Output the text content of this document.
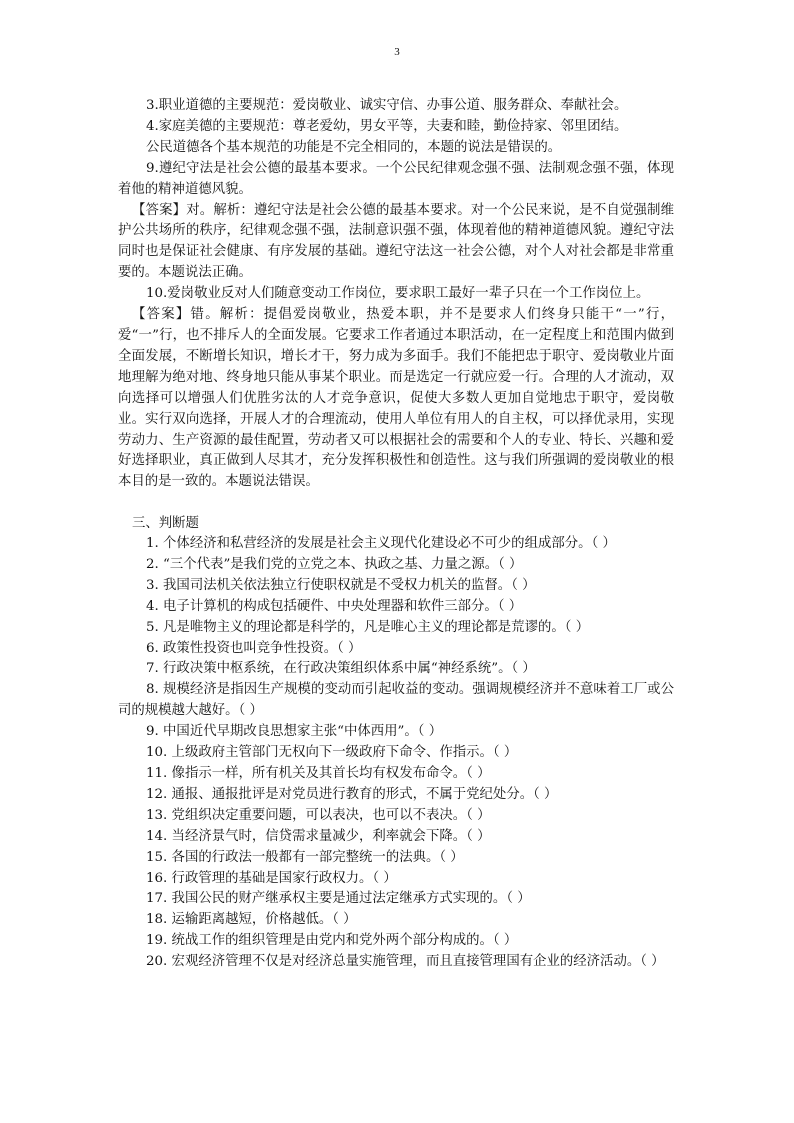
3

3.职业道德的主要规范：爱岗敬业、诚实守信、办事公道、服务群众、奉献社会。

4.家庭美德的主要规范：尊老爱幼，男女平等，夫妻和睦，勤俭持家、邻里团结。

公民道德各个基本规范的功能是不完全相同的，本题的说法是错误的。

9.遵纪守法是社会公德的最基本要求。一个公民纪律观念强不强、法制观念强不强，体现着他的精神道德风貌。

【答案】对。解析：遵纪守法是社会公德的最基本要求。对一个公民来说，是不自觉强制维护公共场所的秩序，纪律观念强不强，法制意识强不强，体现着他的精神道德风貌。遵纪守法同时也是保证社会健康、有序发展的基础。遵纪守法这一社会公德，对个人对社会都是非常重要的。本题说法正确。

10.爱岗敬业反对人们随意变动工作岗位，要求职工最好一辈子只在一个工作岗位上。

【答案】错。解析：提倡爱岗敬业，热爱本职，并不是要求人们终身只能干“一”行，爱“一”行，也不排斥人的全面发展。它要求工作者通过本职活动，在一定程度上和范围内做到全面发展，不断增长知识，增长才干，努力成为多面手。我们不能把忠于职守、爱岗敬业片面地理解为绝对地、终身地只能从事某个职业。而是选定一行就应爱一行。合理的人才流动，双向选择可以增强人们优胜劣汰的人才竞争意识，促使大多数人更加自觉地忠于职守，爱岗敬业。实行双向选择，开展人才的合理流动，使用人单位有用人的自主权，可以择优录用，实现劳动力、生产资源的最佳配置，劳动者又可以根据社会的需要和个人的专业、特长、兴趣和爱好选择职业，真正做到人尽其才，充分发挥积极性和创造性。这与我们所强调的爱岗敬业的根本目的是一致的。本题说法错误。

三、判断题

1. 个体经济和私营经济的发展是社会主义现代化建设必不可少的组成部分。（ ）

2. “三个代表”是我们党的立党之本、执政之基、力量之源。（ ）

3. 我国司法机关依法独立行使职权就是不受权力机关的监督。（ ）

4. 电子计算机的构成包括硬件、中央处理器和软件三部分。（ ）

5. 凡是唯物主义的理论都是科学的，凡是唯心主义的理论都是荒谬的。（ ）

6. 政策性投资也叫竞争性投资。（ ）

7. 行政决策中枢系统，在行政决策组织体系中属“神经系统”。（ ）

8. 规模经济是指因生产规模的变动而引起收益的变动。强调规模经济并不意味着工厂或公司的规模越大越好。（ ）

9. 中国近代早期改良思想家主张“中体西用”。（ ）

10. 上级政府主管部门无权向下一级政府下命令、作指示。（ ）

11. 像指示一样，所有机关及其首长均有权发布命令。（ ）

12. 通报、通报批评是对党员进行教育的形式，不属于党纪处分。（ ）

13. 党组织决定重要问题，可以表决，也可以不表决。（ ）

14. 当经济景气时，信贷需求量减少，利率就会下降。（ ）

15. 各国的行政法一般都有一部完整统一的法典。（ ）

16. 行政管理的基础是国家行政权力。（ ）

17. 我国公民的财产继承权主要是通过法定继承方式实现的。（ ）

18. 运输距离越短，价格越低。（ ）

19. 统战工作的组织管理是由党内和党外两个部分构成的。（ ）

20. 宏观经济管理不仅是对经济总量实施管理，而且直接管理国有企业的经济活动。（ ）
